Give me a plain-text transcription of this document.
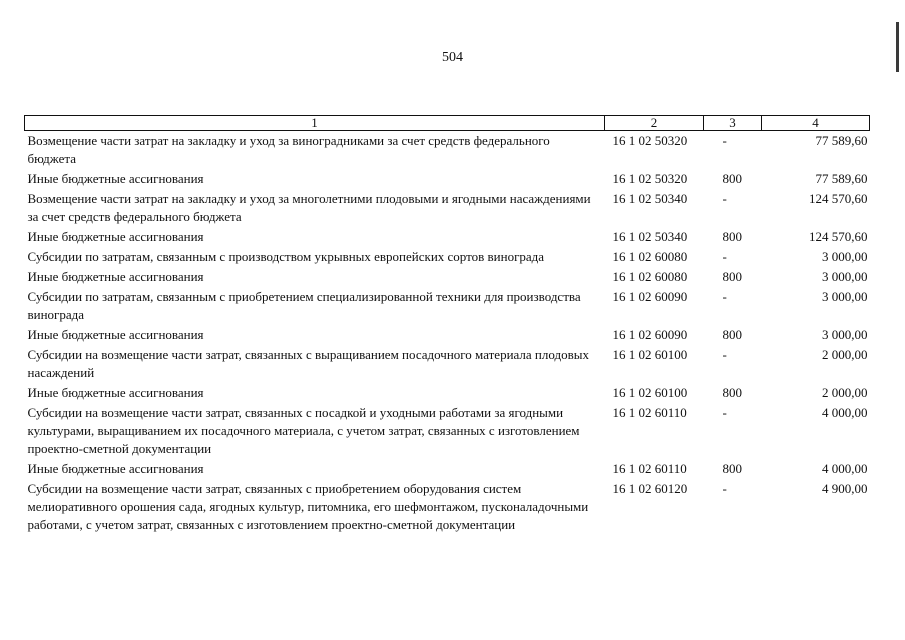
504
1	2	3	4
Возмещение части затрат на закладку и уход за виноградниками за счет средств федерального бюджета	16 1 02 50320	-	77 589,60
Иные бюджетные ассигнования	16 1 02 50320	800	77 589,60
Возмещение части затрат на закладку и уход за многолетними плодовыми и ягодными насаждениями за счет средств федерального бюджета	16 1 02 50340	-	124 570,60
Иные бюджетные ассигнования	16 1 02 50340	800	124 570,60
Субсидии по затратам, связанным с производством укрывных европейских сортов винограда	16 1 02 60080	-	3 000,00
Иные бюджетные ассигнования	16 1 02 60080	800	3 000,00
Субсидии по затратам, связанным с приобретением специализированной техники для производства винограда	16 1 02 60090	-	3 000,00
Иные бюджетные ассигнования	16 1 02 60090	800	3 000,00
Субсидии на возмещение части затрат, связанных с выращиванием посадочного материала плодовых насаждений	16 1 02 60100	-	2 000,00
Иные бюджетные ассигнования	16 1 02 60100	800	2 000,00
Субсидии на возмещение части затрат, связанных с посадкой и уходными работами за ягодными культурами, выращиванием их посадочного материала, с учетом затрат, связанных с изготовлением проектно-сметной документации	16 1 02 60110	-	4 000,00
Иные бюджетные ассигнования	16 1 02 60110	800	4 000,00
Субсидии на возмещение части затрат, связанных с приобретением оборудования систем мелиоративного орошения сада, ягодных культур, питомника, его шефмонтажом, пусконаладочными работами, с учетом затрат, связанных с изготовлением проектно-сметной документации	16 1 02 60120	-	4 900,00
